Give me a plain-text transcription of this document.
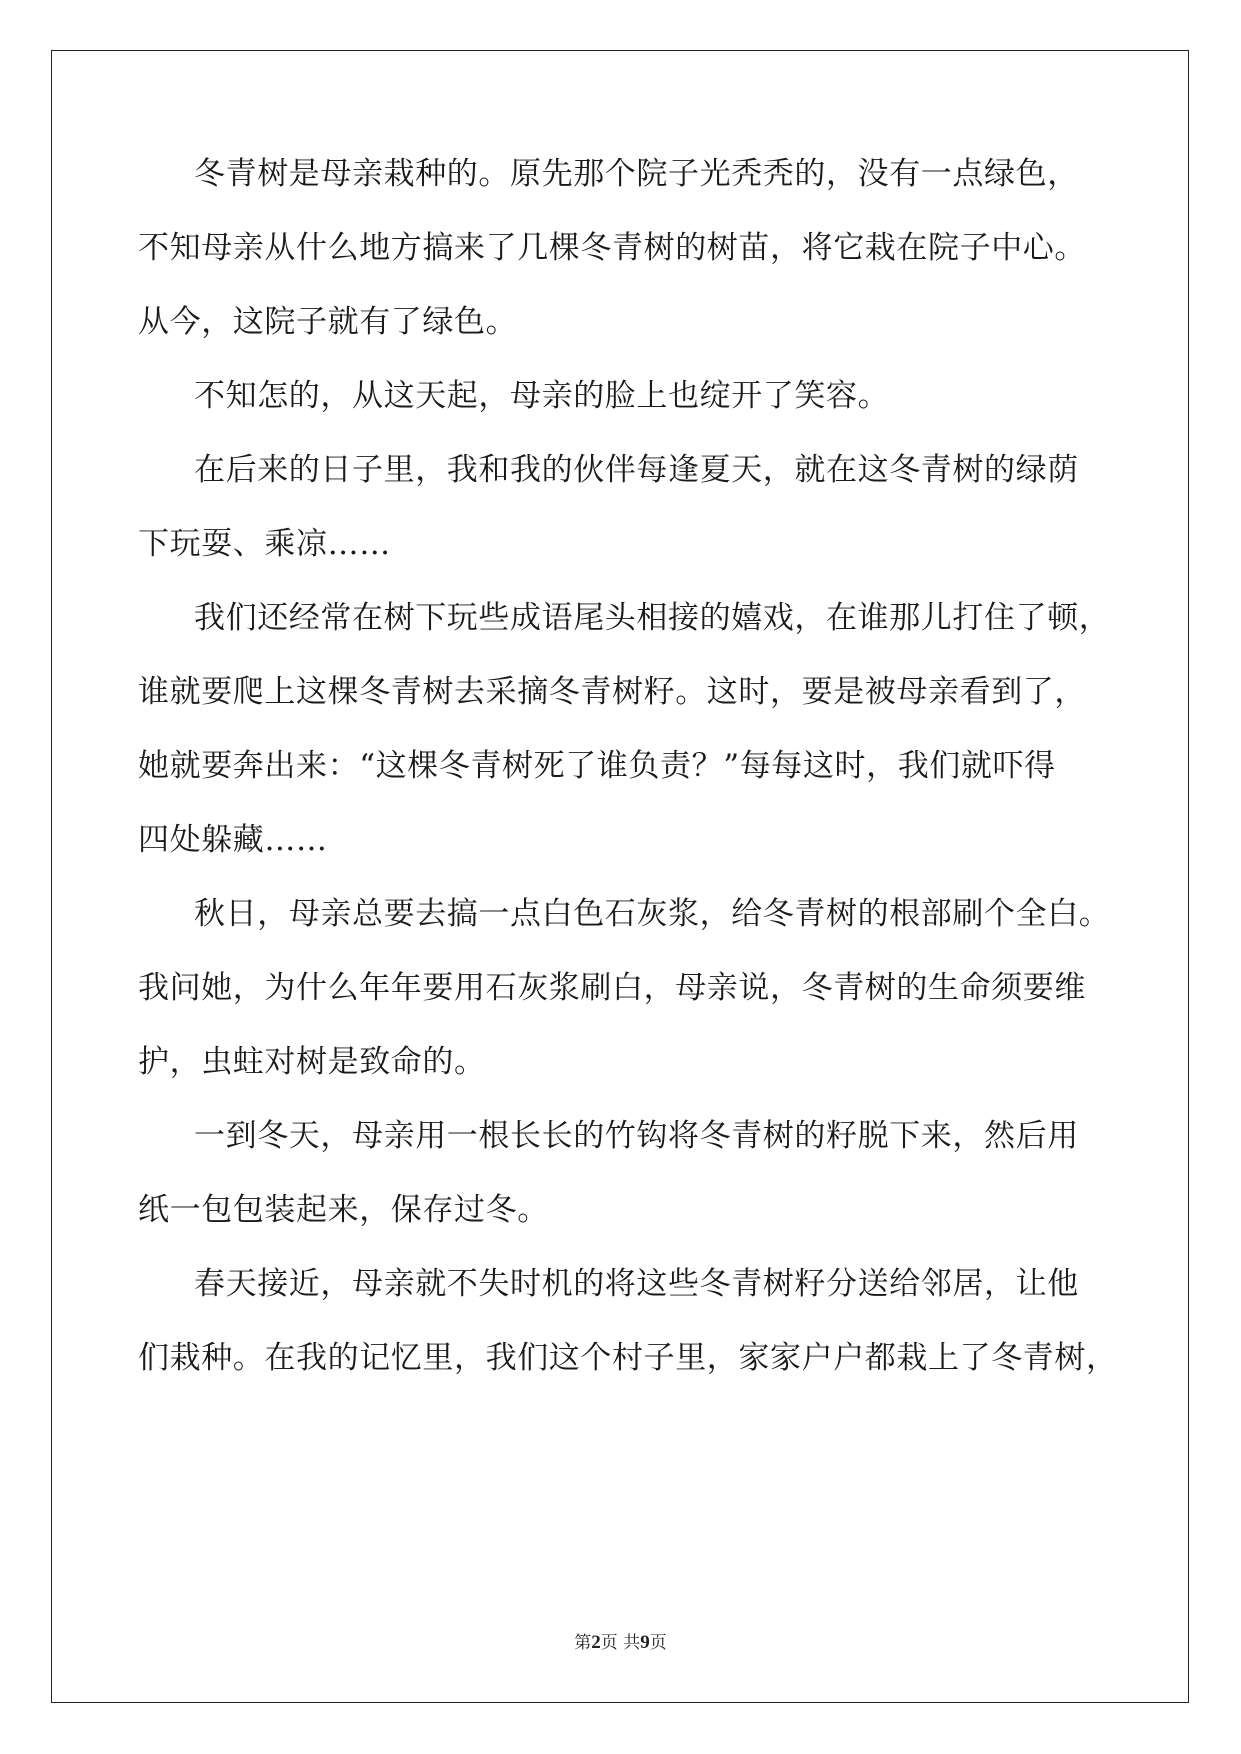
冬青树是母亲栽种的。原先那个院子光秃秃的，没有一点绿色，
不知母亲从什么地方搞来了几棵冬青树的树苗，将它栽在院子中心。
从今，这院子就有了绿色。
不知怎的，从这天起，母亲的脸上也绽开了笑容。
在后来的日子里，我和我的伙伴每逢夏天，就在这冬青树的绿荫
下玩耍、乘凉……
我们还经常在树下玩些成语尾头相接的嬉戏，在谁那儿打住了顿，
谁就要爬上这棵冬青树去采摘冬青树籽。这时，要是被母亲看到了，
她就要奔出来：“这棵冬青树死了谁负责？”每每这时，我们就吓得
四处躲藏……
秋日，母亲总要去搞一点白色石灰浆，给冬青树的根部刷个全白。
我问她，为什么年年要用石灰浆刷白，母亲说，冬青树的生命须要维
护，虫蛀对树是致命的。
一到冬天，母亲用一根长长的竹钩将冬青树的籽脱下来，然后用
纸一包包装起来，保存过冬。
春天接近，母亲就不失时机的将这些冬青树籽分送给邻居，让他
们栽种。在我的记忆里，我们这个村子里，家家户户都栽上了冬青树，
第2页 共9页
